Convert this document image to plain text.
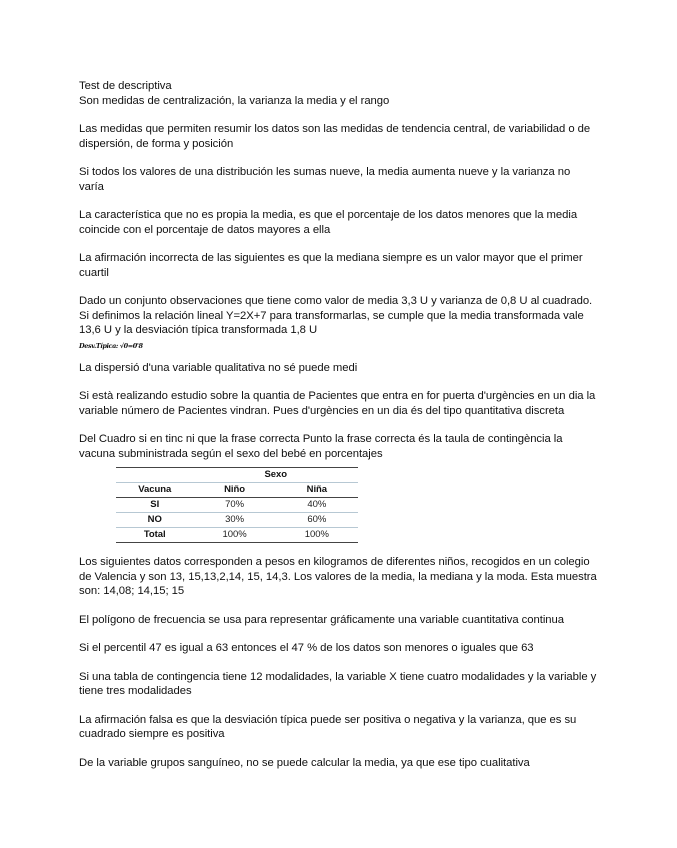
Test de descriptiva

Son medidas de centralización, la varianza la media y el rango

Las medidas que permiten resumir los datos son las medidas de tendencia central, de variabilidad o de dispersión, de forma y posición

Si todos los valores de una distribución les sumas nueve, la media aumenta nueve y la varianza no varía

La característica que no es propia la media, es que el porcentaje de los datos menores que la media coincide con el porcentaje de datos mayores a ella

La afirmación incorrecta de las siguientes es que la mediana siempre es un valor mayor que el primer cuartil

Dado un conjunto observaciones que tiene como valor de media 3,3 U y varianza de 0,8 U al cuadrado. Si definimos la relación lineal Y=2X+7 para transformarlas, se cumple que la media transformada vale 13,6 U y la desviación típica transformada 1,8 U

Desv.Típica: √0=0'8

La dispersió d'una variable qualitativa no sé puede medi

Si està realizando estudio sobre la quantia de Pacientes que entra en for puerta d'urgències en un dia la variable número de Pacientes vindran. Pues d'urgències en un dia és del tipo quantitativa discreta

Del Cuadro si en tinc ni que la frase correcta Punto la frase correcta és la taula de contingència la vacuna subministrada según el sexo del bebé en porcentajes

	Sexo	
Vacuna	Niño	Niña
SI	70%	40%
NO	30%	60%
Total	100%	100%

Los siguientes datos corresponden a pesos en kilogramos de diferentes niños, recogidos en un colegio de Valencia y son 13, 15,13,2,14, 15, 14,3. Los valores de la media, la mediana y la moda. Esta muestra son: 14,08; 14,15; 15

El polígono de frecuencia se usa para representar gráficamente una variable cuantitativa continua

Si el percentil 47 es igual a 63 entonces el 47 % de los datos son menores o iguales que 63

Si una tabla de contingencia tiene 12 modalidades, la variable X tiene cuatro modalidades y la variable y tiene tres modalidades

La afirmación falsa es que la desviación típica puede ser positiva o negativa y la varianza, que es su cuadrado siempre es positiva

De la variable grupos sanguíneo, no se puede calcular la media, ya que ese tipo cualitativa
